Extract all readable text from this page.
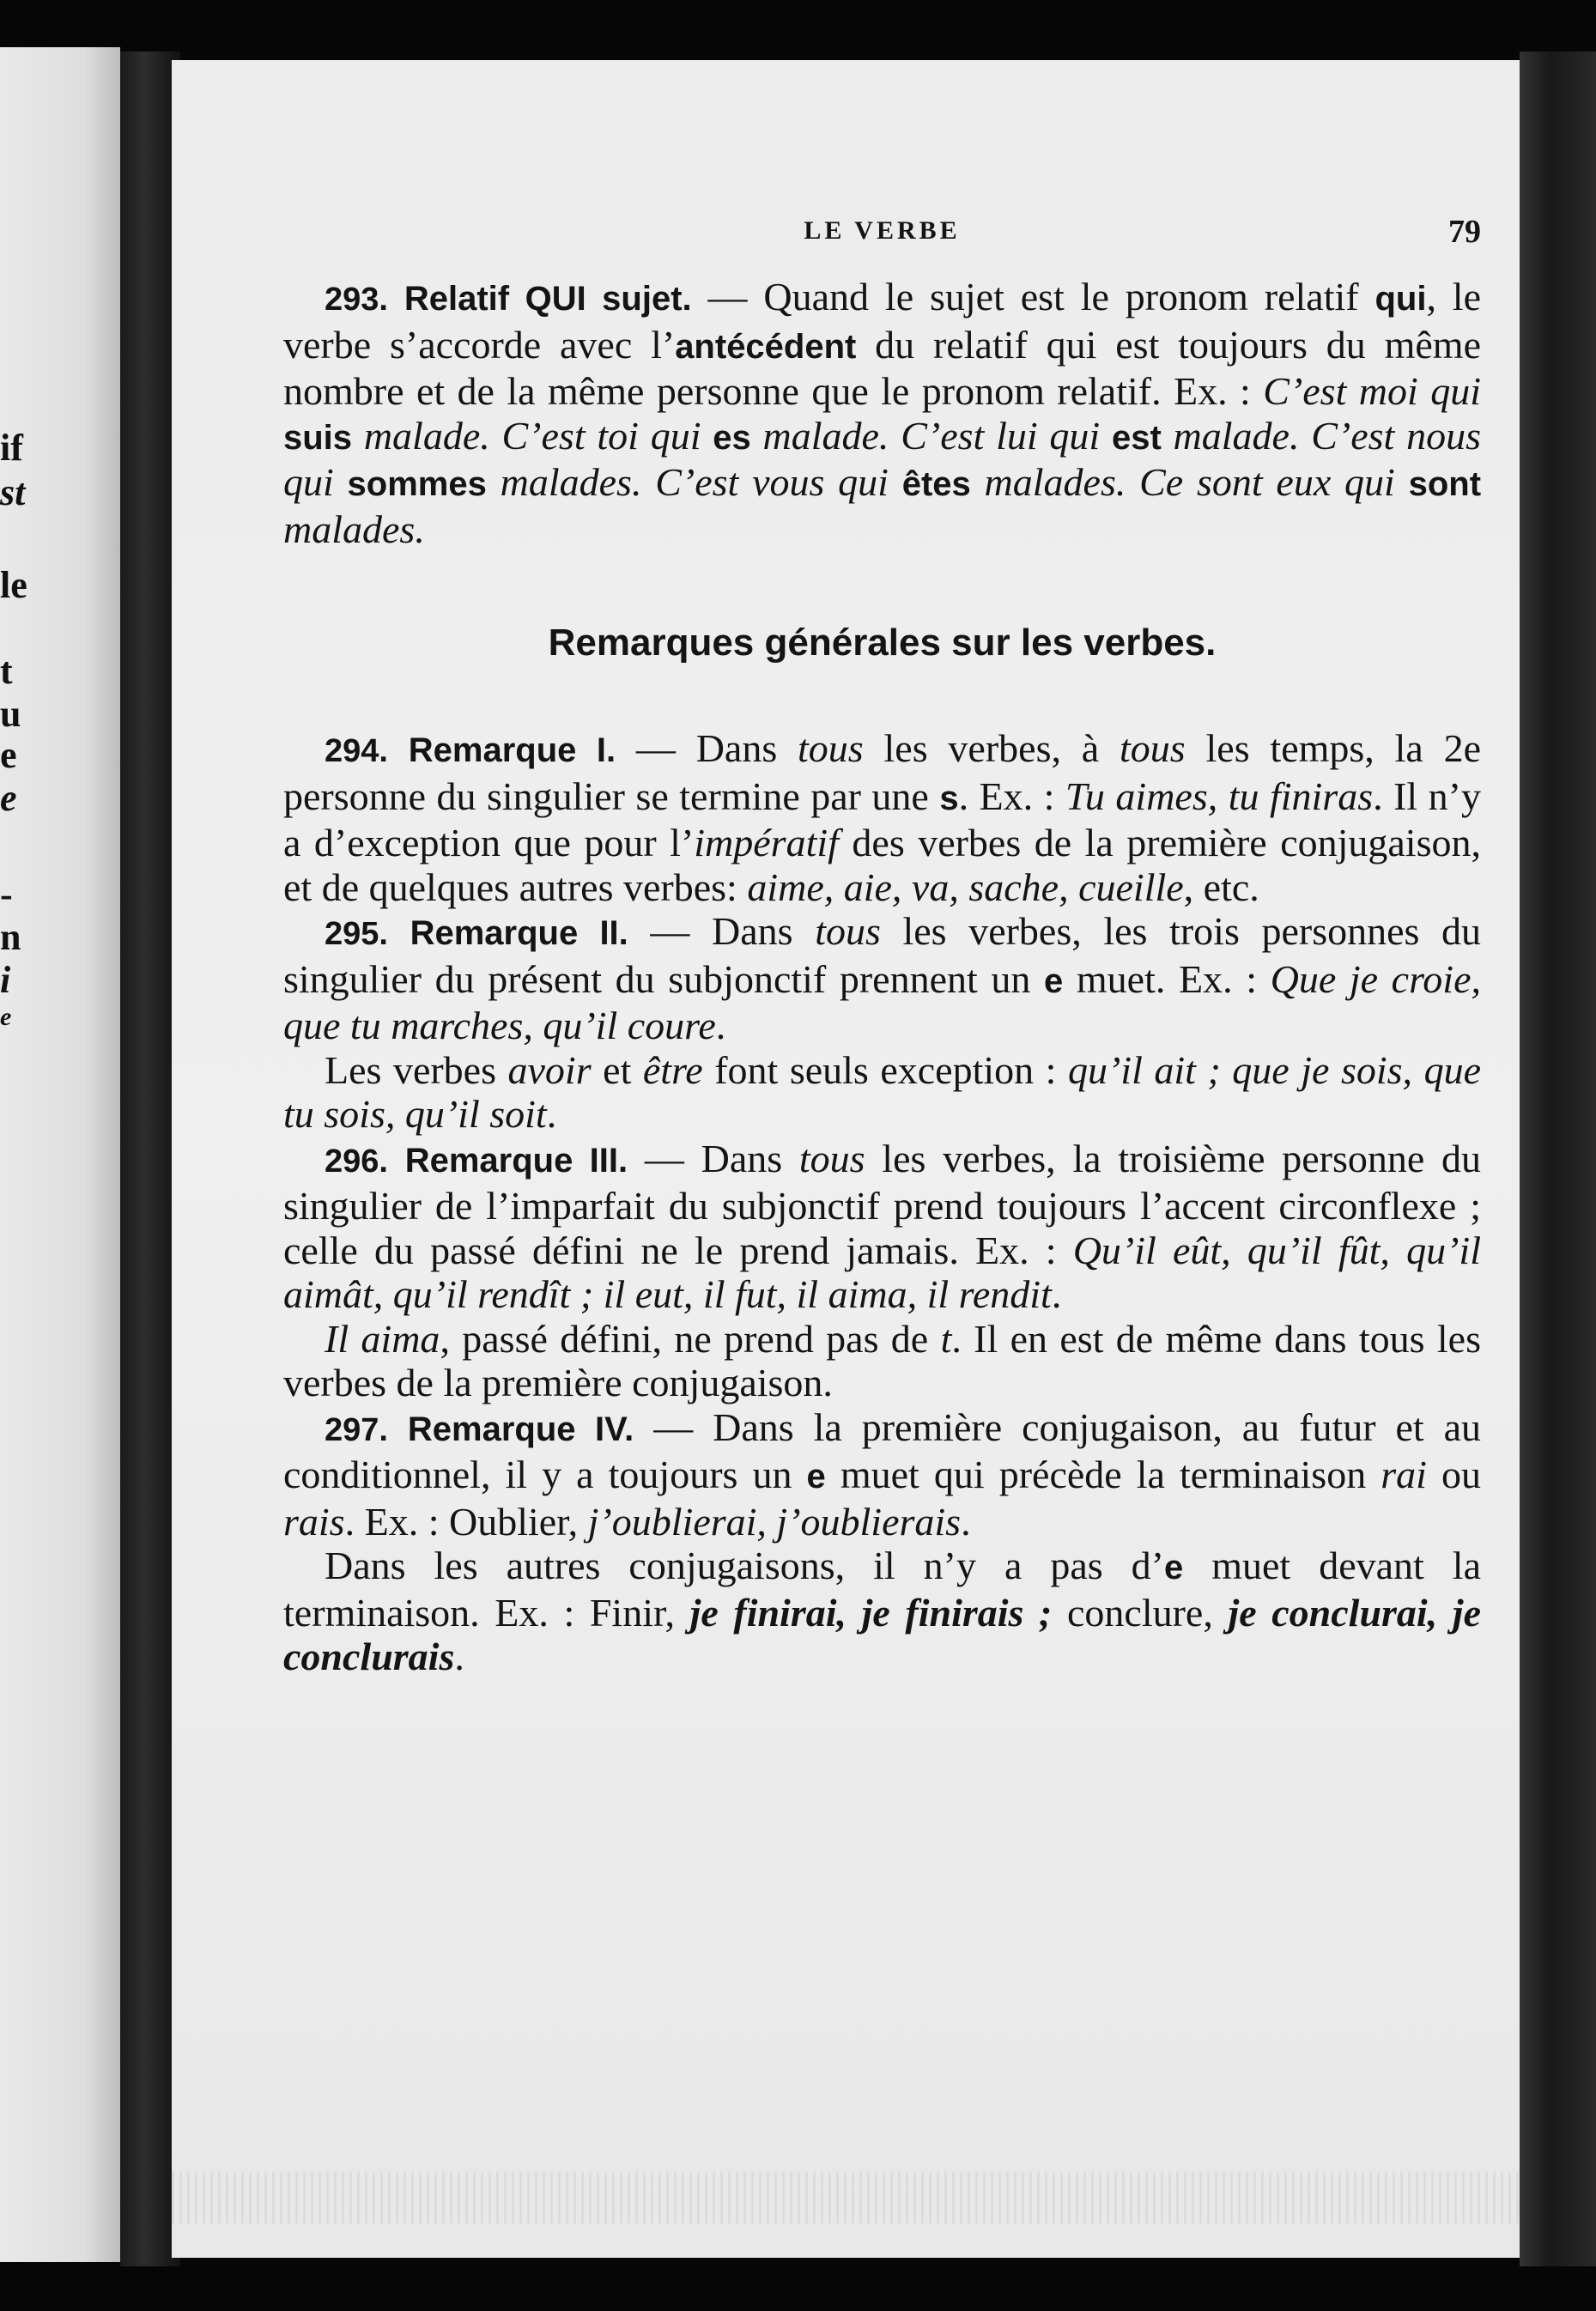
if
st
le
t
u
e
e
-
n
i
e
LE VERBE	79

293. Relatif QUI sujet. — Quand le sujet est le pronom relatif qui, le verbe s’accorde avec l’antécédent du relatif qui est toujours du même nombre et de la même personne que le pronom relatif. Ex. : C’est moi qui suis malade. C’est toi qui es malade. C’est lui qui est malade. C’est nous qui sommes malades. C’est vous qui êtes malades. Ce sont eux qui sont malades.

Remarques générales sur les verbes.

294. Remarque I. — Dans tous les verbes, à tous les temps, la 2e personne du singulier se termine par une s. Ex. : Tu aimes, tu finiras. Il n’y a d’exception que pour l’impératif des verbes de la première conjugaison, et de quelques autres verbes: aime, aie, va, sache, cueille, etc.

295. Remarque II. — Dans tous les verbes, les trois personnes du singulier du présent du subjonctif prennent un e muet. Ex. : Que je croie, que tu marches, qu’il coure.

Les verbes avoir et être font seuls exception : qu’il ait ; que je sois, que tu sois, qu’il soit.

296. Remarque III. — Dans tous les verbes, la troisième personne du singulier de l’imparfait du subjonctif prend toujours l’accent circonflexe ; celle du passé défini ne le prend jamais. Ex. : Qu’il eût, qu’il fût, qu’il aimât, qu’il rendît ; il eut, il fut, il aima, il rendit.

Il aima, passé défini, ne prend pas de t. Il en est de même dans tous les verbes de la première conjugaison.

297. Remarque IV. — Dans la première conjugaison, au futur et au conditionnel, il y a toujours un e muet qui précède la terminaison rai ou rais. Ex. : Oublier, j’oublierai, j’oublierais.

Dans les autres conjugaisons, il n’y a pas d’e muet devant la terminaison. Ex. : Finir, je finirai, je finirais ; conclure, je conclurai, je conclurais.
